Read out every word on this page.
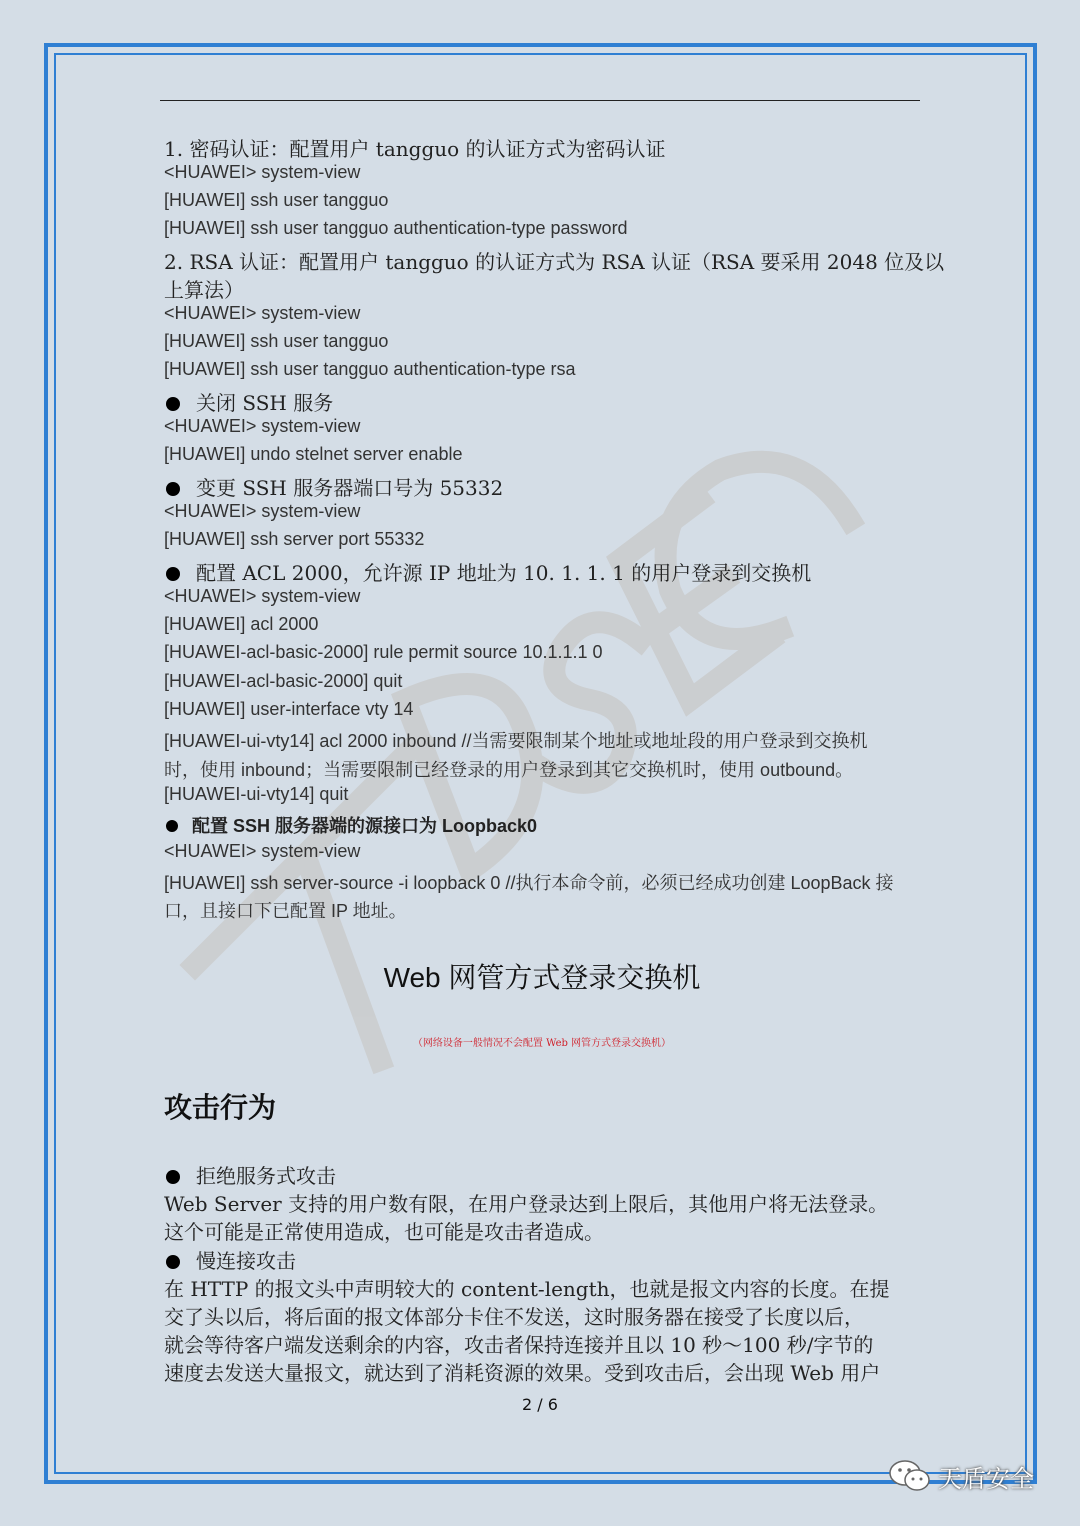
1. 密码认证：配置用户 tangguo 的认证方式为密码认证
<HUAWEI> system-view
[HUAWEI] ssh user tangguo
[HUAWEI] ssh user tangguo authentication-type password
2. RSA 认证：配置用户 tangguo 的认证方式为 RSA 认证（RSA 要采用 2048 位及以
上算法）
<HUAWEI> system-view
[HUAWEI] ssh user tangguo
[HUAWEI] ssh user tangguo authentication-type rsa
关闭 SSH 服务
<HUAWEI> system-view
[HUAWEI] undo stelnet server enable
变更 SSH 服务器端口号为 55332
<HUAWEI> system-view
[HUAWEI] ssh server port 55332
配置 ACL 2000，允许源 IP 地址为 10. 1. 1. 1 的用户登录到交换机
<HUAWEI> system-view
[HUAWEI] acl 2000
[HUAWEI-acl-basic-2000] rule permit source 10.1.1.1 0
[HUAWEI-acl-basic-2000] quit
[HUAWEI] user-interface vty 14
[HUAWEI-ui-vty14] acl 2000 inbound //当需要限制某个地址或地址段的用户登录到交换机
时，使用 inbound；当需要限制已经登录的用户登录到其它交换机时，使用 outbound。
[HUAWEI-ui-vty14] quit
配置 SSH 服务器端的源接口为 Loopback0
<HUAWEI> system-view
[HUAWEI] ssh server-source -i loopback 0 //执行本命令前，必须已经成功创建 LoopBack 接
口，且接口下已配置 IP 地址。
Web 网管方式登录交换机
（网络设备一般情况不会配置 Web 网管方式登录交换机）
攻击行为
拒绝服务式攻击
Web Server 支持的用户数有限，在用户登录达到上限后，其他用户将无法登录。
这个可能是正常使用造成，也可能是攻击者造成。
慢连接攻击
在 HTTP 的报文头中声明较大的 content-length，也就是报文内容的长度。在提
交了头以后，将后面的报文体部分卡住不发送，这时服务器在接受了长度以后，
就会等待客户端发送剩余的内容，攻击者保持连接并且以 10 秒～100 秒/字节的
速度去发送大量报文，就达到了消耗资源的效果。受到攻击后，会出现 Web 用户
2 / 6
天盾安全
